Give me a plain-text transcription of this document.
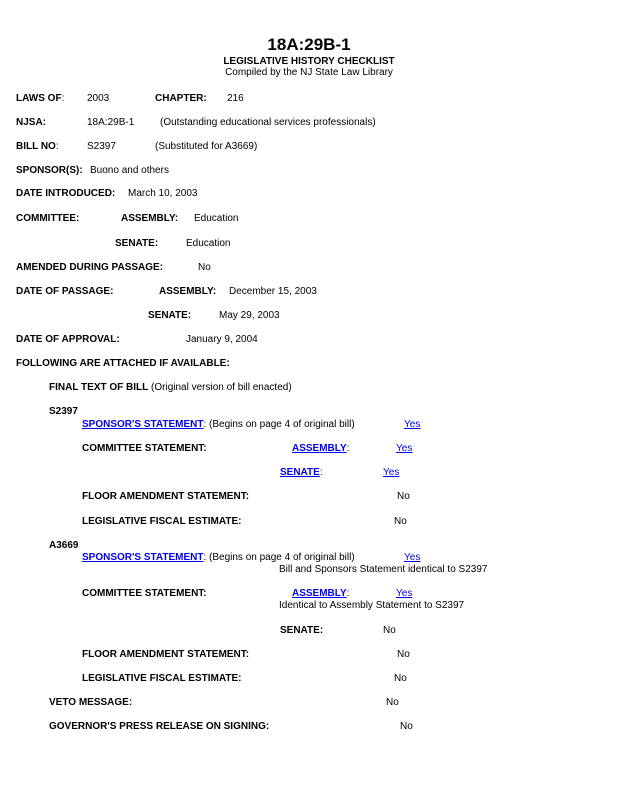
18A:29B-1
LEGISLATIVE HISTORY CHECKLIST
Compiled by the NJ State Law Library
LAWS OF: 2003	CHAPTER: 216
NJSA:	18A:29B-1	(Outstanding educational services professionals)
BILL NO:	S2397	(Substituted for A3669)
SPONSOR(S): Buono and others
DATE INTRODUCED: March 10, 2003
COMMITTEE:	ASSEMBLY: Education
SENATE:	Education
AMENDED DURING PASSAGE:	No
DATE OF PASSAGE:	ASSEMBLY: December 15, 2003
SENATE:	May 29, 2003
DATE OF APPROVAL:	January 9, 2004
FOLLOWING ARE ATTACHED IF AVAILABLE:
FINAL TEXT OF BILL (Original version of bill enacted)
S2397
SPONSOR'S STATEMENT: (Begins on page 4 of original bill)	Yes
COMMITTEE STATEMENT:	ASSEMBLY:	Yes
SENATE:	Yes
FLOOR AMENDMENT STATEMENT:	No
LEGISLATIVE FISCAL ESTIMATE:	No
A3669
SPONSOR'S STATEMENT: (Begins on page 4 of original bill)	Yes
Bill and Sponsors Statement identical to S2397
COMMITTEE STATEMENT:	ASSEMBLY:	Yes
Identical to Assembly Statement to S2397
SENATE:	No
FLOOR AMENDMENT STATEMENT:	No
LEGISLATIVE FISCAL ESTIMATE:	No
VETO MESSAGE:	No
GOVERNOR'S PRESS RELEASE ON SIGNING:	No
